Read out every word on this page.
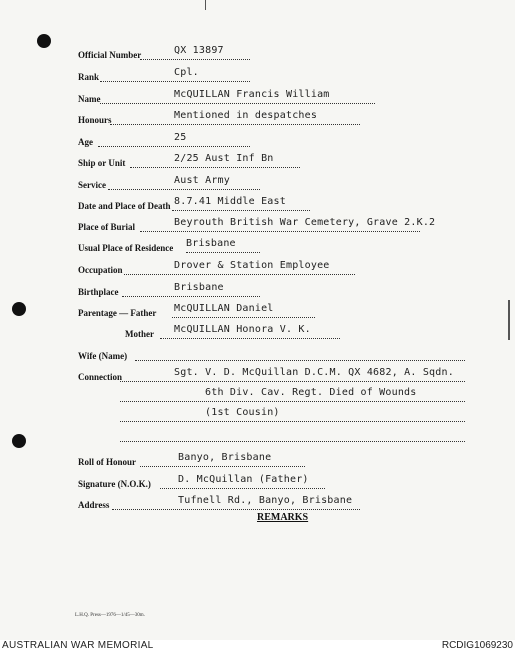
Official Number	QX 13897
Rank	Cpl.
Name	McQUILLAN Francis William
Honours	Mentioned in despatches
Age	25
Ship or Unit	2/25 Aust Inf Bn
Service	Aust Army
Date and Place of Death 8.7.41 Middle East
Place of Burial	Beyrouth British War Cemetery, Grave 2.K.2
Usual Place of Residence Brisbane
Occupation	Drover & Station Employee
Birthplace	Brisbane
Parentage — Father McQUILLAN Daniel
Mother McQUILLAN Honora V. K.
Wife (Name)
Connection	Sgt. V. D. McQuillan D.C.M. QX 4682, A. Sqdn.
6th Div. Cav. Regt. Died of Wounds
(1st Cousin)
Roll of Honour	Banyo, Brisbane
Signature (N.O.K.)	D. McQuillan (Father)
Address	Tufnell Rd., Banyo, Brisbane
REMARKS
L.H.Q. Press—1976—1/45—30m.
AUSTRALIAN WAR MEMORIAL	RCDIG1069230
